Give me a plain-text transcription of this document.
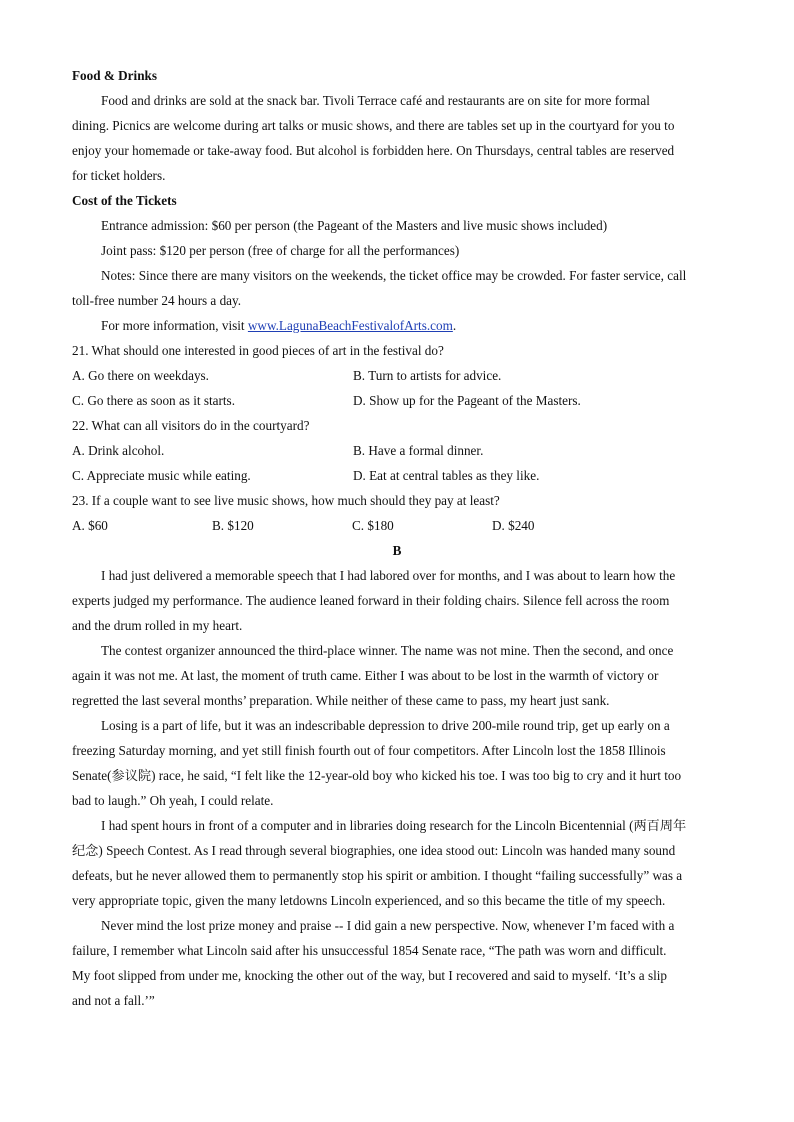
Food & Drinks
Food and drinks are sold at the snack bar. Tivoli Terrace café and restaurants are on site for more formal
dining. Picnics are welcome during art talks or music shows, and there are tables set up in the courtyard for you to
enjoy your homemade or take-away food. But alcohol is forbidden here. On Thursdays, central tables are reserved
for ticket holders.
Cost of the Tickets
Entrance admission: $60 per person (the Pageant of the Masters and live music shows included)
Joint pass: $120 per person (free of charge for all the performances)
Notes: Since there are many visitors on the weekends, the ticket office may be crowded. For faster service, call
toll-free number 24 hours a day.
For more information, visit www.LagunaBeachFestivalofArts.com.
21. What should one interested in good pieces of art in the festival do?
A. Go there on weekdays.	B. Turn to artists for advice.
C. Go there as soon as it starts.	D. Show up for the Pageant of the Masters.
22. What can all visitors do in the courtyard?
A. Drink alcohol.	B. Have a formal dinner.
C. Appreciate music while eating.	D. Eat at central tables as they like.
23. If a couple want to see live music shows, how much should they pay at least?
A. $60	B. $120	C. $180	D. $240
B
I had just delivered a memorable speech that I had labored over for months, and I was about to learn how the
experts judged my performance. The audience leaned forward in their folding chairs. Silence fell across the room
and the drum rolled in my heart.
The contest organizer announced the third-place winner. The name was not mine. Then the second, and once
again it was not me. At last, the moment of truth came. Either I was about to be lost in the warmth of victory or
regretted the last several months’ preparation. While neither of these came to pass, my heart just sank.
Losing is a part of life, but it was an indescribable depression to drive 200-mile round trip, get up early on a
freezing Saturday morning, and yet still finish fourth out of four competitors. After Lincoln lost the 1858 Illinois
Senate(参议院) race, he said, “I felt like the 12-year-old boy who kicked his toe. I was too big to cry and it hurt too
bad to laugh.” Oh yeah, I could relate.
I had spent hours in front of a computer and in libraries doing research for the Lincoln Bicentennial (两百周年
纪念) Speech Contest. As I read through several biographies, one idea stood out: Lincoln was handed many sound
defeats, but he never allowed them to permanently stop his spirit or ambition. I thought “failing successfully” was a
very appropriate topic, given the many letdowns Lincoln experienced, and so this became the title of my speech.
Never mind the lost prize money and praise -- I did gain a new perspective. Now, whenever I’m faced with a
failure, I remember what Lincoln said after his unsuccessful 1854 Senate race, “The path was worn and difficult.
My foot slipped from under me, knocking the other out of the way, but I recovered and said to myself. ‘It’s a slip
and not a fall.’”
